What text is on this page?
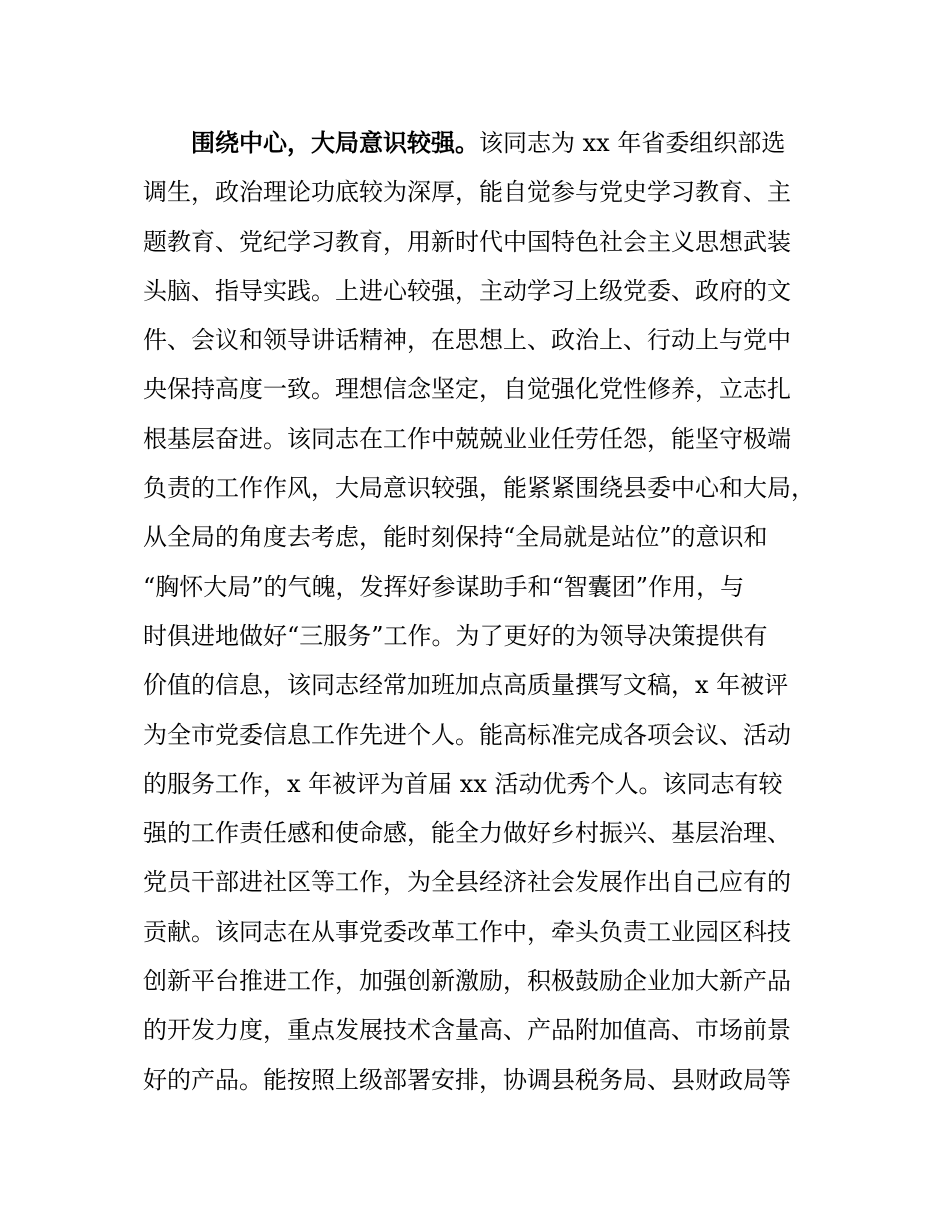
围绕中心，大局意识较强。该同志为 xx 年省委组织部选
调生，政治理论功底较为深厚，能自觉参与党史学习教育、主
题教育、党纪学习教育，用新时代中国特色社会主义思想武装
头脑、指导实践。上进心较强，主动学习上级党委、政府的文
件、会议和领导讲话精神，在思想上、政治上、行动上与党中
央保持高度一致。理想信念坚定，自觉强化党性修养，立志扎
根基层奋进。该同志在工作中兢兢业业任劳任怨，能坚守极端
负责的工作作风，大局意识较强，能紧紧围绕县委中心和大局，
从全局的角度去考虑，能时刻保持“全局就是站位”的意识和
“胸怀大局”的气魄，发挥好参谋助手和“智囊团”作用，与
时俱进地做好“三服务”工作。为了更好的为领导决策提供有
价值的信息，该同志经常加班加点高质量撰写文稿，x 年被评
为全市党委信息工作先进个人。能高标准完成各项会议、活动
的服务工作，x 年被评为首届 xx 活动优秀个人。该同志有较
强的工作责任感和使命感，能全力做好乡村振兴、基层治理、
党员干部进社区等工作，为全县经济社会发展作出自己应有的
贡献。该同志在从事党委改革工作中，牵头负责工业园区科技
创新平台推进工作，加强创新激励，积极鼓励企业加大新产品
的开发力度，重点发展技术含量高、产品附加值高、市场前景
好的产品。能按照上级部署安排，协调县税务局、县财政局等
